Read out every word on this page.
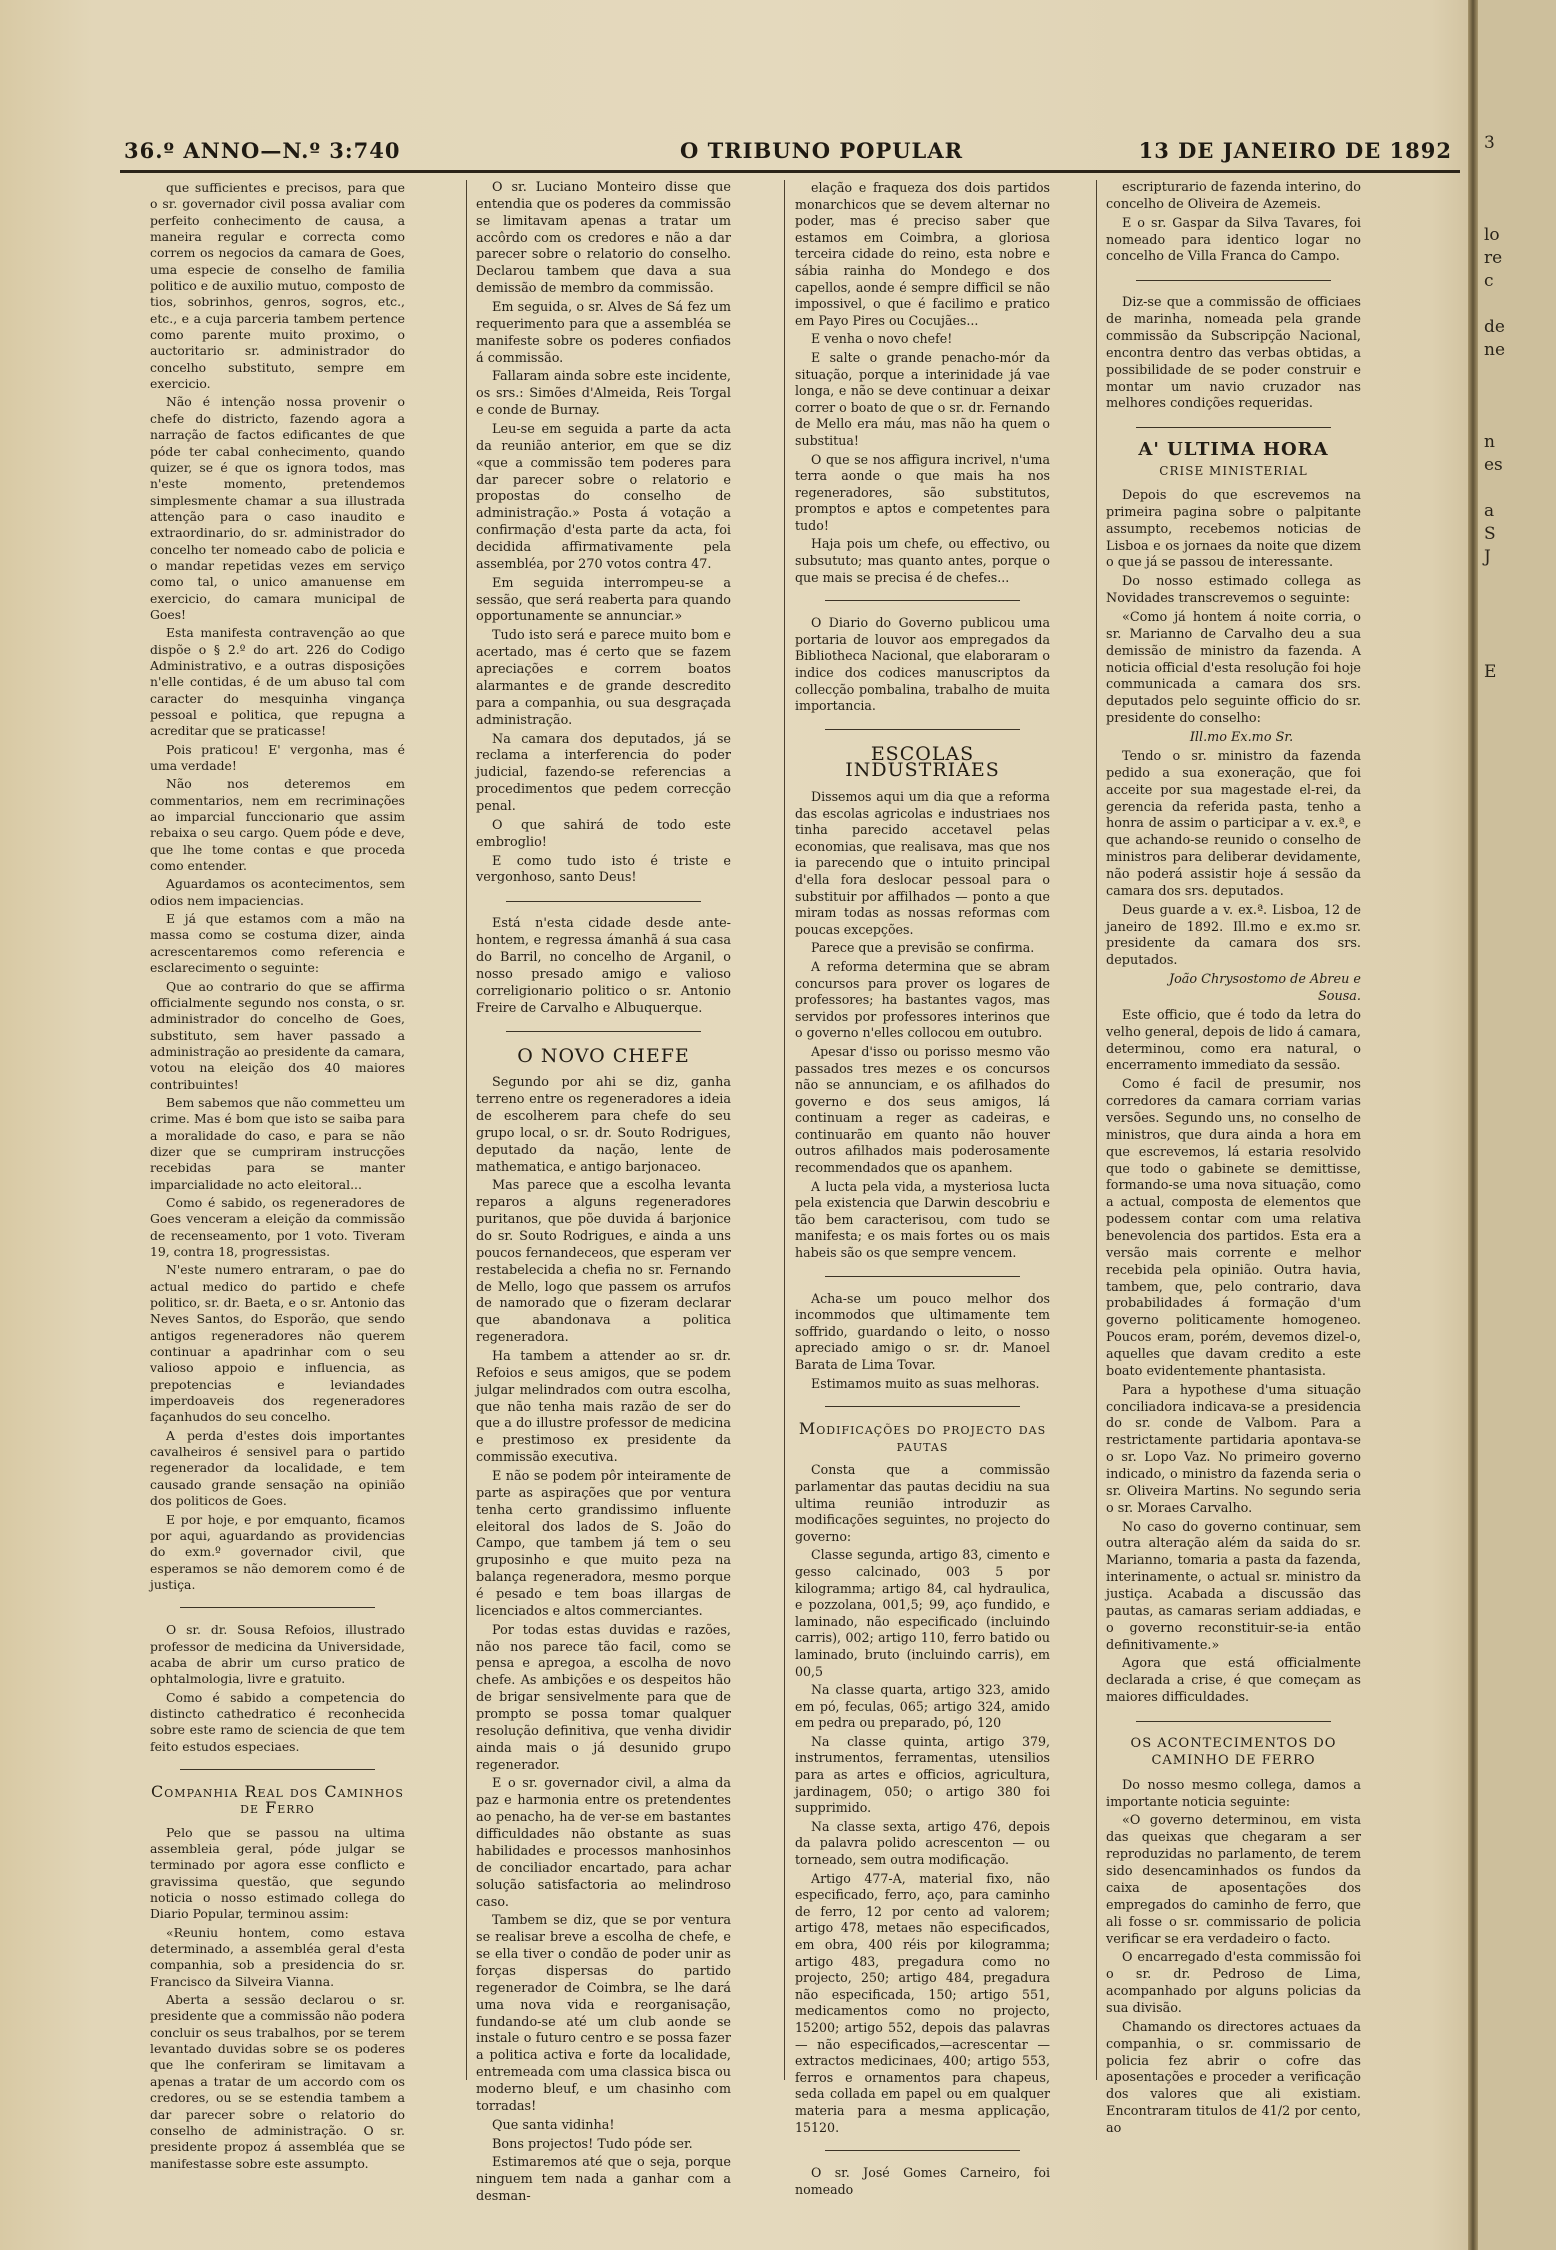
3

lo
re
c

de
ne

n
es

a
S
J

E
36.º ANNO—N.º 3:740	O TRIBUNO POPULAR	13 DE JANEIRO DE 1892

que sufficientes e precisos, para que o sr. governador civil possa avaliar com perfeito conhecimento de causa, a maneira regular e correcta como correm os negocios da camara de Goes, uma especie de conselho de familia politico e de auxilio mutuo, composto de tios, sobrinhos, genros, sogros, etc., etc., e a cuja parceria tambem pertence como parente muito proximo, o auctoritario sr. administrador do concelho substituto, sempre em exercicio.

Não é intenção nossa provenir o chefe do districto, fazendo agora a narração de factos edificantes de que póde ter cabal conhecimento, quando quizer, se é que os ignora todos, mas n'este momento, pretendemos simplesmente chamar a sua illustrada attenção para o caso inaudito e extraordinario, do sr. administrador do concelho ter nomeado cabo de policia e o mandar repetidas vezes em serviço como tal, o unico amanuense em exercicio, do camara municipal de Goes!

Esta manifesta contravenção ao que dispõe o § 2.º do art. 226 do Codigo Administrativo, e a outras disposições n'elle contidas, é de um abuso tal com caracter do mesquinha vingança pessoal e politica, que repugna a acreditar que se praticasse!

Pois praticou! E' vergonha, mas é uma verdade!

Não nos deteremos em commentarios, nem em recriminações ao imparcial funccionario que assim rebaixa o seu cargo. Quem póde e deve, que lhe tome contas e que proceda como entender.

Aguardamos os acontecimentos, sem odios nem impaciencias.

E já que estamos com a mão na massa como se costuma dizer, ainda acrescentaremos como referencia e esclarecimento o seguinte:

Que ao contrario do que se affirma officialmente segundo nos consta, o sr. administrador do concelho de Goes, substituto, sem haver passado a administração ao presidente da camara, votou na eleição dos 40 maiores contribuintes!

Bem sabemos que não commetteu um crime. Mas é bom que isto se saiba para a moralidade do caso, e para se não dizer que se cumpriram instrucções recebidas para se manter imparcialidade no acto eleitoral...

Como é sabido, os regeneradores de Goes venceram a eleição da commissão de recenseamento, por 1 voto. Tiveram 19, contra 18, progressistas.

N'este numero entraram, o pae do actual medico do partido e chefe politico, sr. dr. Baeta, e o sr. Antonio das Neves Santos, do Esporão, que sendo antigos regeneradores não querem continuar a apadrinhar com o seu valioso appoio e influencia, as prepotencias e leviandades imperdoaveis dos regeneradores façanhudos do seu concelho.

A perda d'estes dois importantes cavalheiros é sensivel para o partido regenerador da localidade, e tem causado grande sensação na opinião dos politicos de Goes.

E por hoje, e por emquanto, ficamos por aqui, aguardando as providencias do exm.º governador civil, que esperamos se não demorem como é de justiça.

O sr. dr. Sousa Refoios, illustrado professor de medicina da Universidade, acaba de abrir um curso pratico de ophtalmologia, livre e gratuito.

Como é sabido a competencia do distincto cathedratico é reconhecida sobre este ramo de sciencia de que tem feito estudos especiaes.

Companhia Real dos Caminhos de Ferro

Pelo que se passou na ultima assembleia geral, póde julgar se terminado por agora esse conflicto e gravissima questão, que segundo noticia o nosso estimado collega do Diario Popular, terminou assim:

«Reuniu hontem, como estava determinado, a assembléa geral d'esta companhia, sob a presidencia do sr. Francisco da Silveira Vianna.

Aberta a sessão declarou o sr. presidente que a commissão não podera concluir os seus trabalhos, por se terem levantado duvidas sobre se os poderes que lhe conferiram se limitavam a apenas a tratar de um accordo com os credores, ou se se estendia tambem a dar parecer sobre o relatorio do conselho de administração. O sr. presidente propoz á assembléa que se manifestasse sobre este assumpto.

O sr. Luciano Monteiro disse que entendia que os poderes da commissão se limitavam apenas a tratar um accôrdo com os credores e não a dar parecer sobre o relatorio do conselho. Declarou tambem que dava a sua demissão de membro da commissão.

Em seguida, o sr. Alves de Sá fez um requerimento para que a assembléa se manifeste sobre os poderes confiados á commissão.

Fallaram ainda sobre este incidente, os srs.: Simões d'Almeida, Reis Torgal e conde de Burnay.

Leu-se em seguida a parte da acta da reunião anterior, em que se diz «que a commissão tem poderes para dar parecer sobre o relatorio e propostas do conselho de administração.» Posta á votação a confirmação d'esta parte da acta, foi decidida affirmativamente pela assembléa, por 270 votos contra 47.

Em seguida interrompeu-se a sessão, que será reaberta para quando opportunamente se annunciar.»

Tudo isto será e parece muito bom e acertado, mas é certo que se fazem apreciações e correm boatos alarmantes e de grande descredito para a companhia, ou sua desgraçada administração.

Na camara dos deputados, já se reclama a interferencia do poder judicial, fazendo-se referencias a procedimentos que pedem correcção penal.

O que sahirá de todo este embroglio!

E como tudo isto é triste e vergonhoso, santo Deus!

Está n'esta cidade desde ante-hontem, e regressa ámanhã á sua casa do Barril, no concelho de Arganil, o nosso presado amigo e valioso correligionario politico o sr. Antonio Freire de Carvalho e Albuquerque.

O NOVO CHEFE

Segundo por ahi se diz, ganha terreno entre os regeneradores a ideia de escolherem para chefe do seu grupo local, o sr. dr. Souto Rodrigues, deputado da nação, lente de mathematica, e antigo barjonaceo.

Mas parece que a escolha levanta reparos a alguns regeneradores puritanos, que põe duvida á barjonice do sr. Souto Rodrigues, e ainda a uns poucos fernandeceos, que esperam ver restabelecida a chefia no sr. Fernando de Mello, logo que passem os arrufos de namorado que o fizeram declarar que abandonava a politica regeneradora.

Ha tambem a attender ao sr. dr. Refoios e seus amigos, que se podem julgar melindrados com outra escolha, que não tenha mais razão de ser do que a do illustre professor de medicina e prestimoso ex presidente da commissão executiva.

E não se podem pôr inteiramente de parte as aspirações que por ventura tenha certo grandissimo influente eleitoral dos lados de S. João do Campo, que tambem já tem o seu gruposinho e que muito peza na balança regeneradora, mesmo porque é pesado e tem boas illargas de licenciados e altos commerciantes.

Por todas estas duvidas e razões, não nos parece tão facil, como se pensa e apregoa, a escolha de novo chefe. As ambições e os despeitos hão de brigar sensivelmente para que de prompto se possa tomar qualquer resolução definitiva, que venha dividir ainda mais o já desunido grupo regenerador.

E o sr. governador civil, a alma da paz e harmonia entre os pretendentes ao penacho, ha de ver-se em bastantes difficuldades não obstante as suas habilidades e processos manhosinhos de conciliador encartado, para achar solução satisfactoria ao melindroso caso.

Tambem se diz, que se por ventura se realisar breve a escolha de chefe, e se ella tiver o condão de poder unir as forças dispersas do partido regenerador de Coimbra, se lhe dará uma nova vida e reorganisação, fundando-se até um club aonde se instale o futuro centro e se possa fazer a politica activa e forte da localidade, entremeada com uma classica bisca ou moderno bleuf, e um chasinho com torradas!

Que santa vidinha!

Bons projectos! Tudo póde ser.

Estimaremos até que o seja, porque ninguem tem nada a ganhar com a desman-

elação e fraqueza dos dois partidos monarchicos que se devem alternar no poder, mas é preciso saber que estamos em Coimbra, a gloriosa terceira cidade do reino, esta nobre e sábia rainha do Mondego e dos capellos, aonde é sempre difficil se não impossivel, o que é facilimo e pratico em Payo Pires ou Cocujães...

E venha o novo chefe!

E salte o grande penacho-mór da situação, porque a interinidade já vae longa, e não se deve continuar a deixar correr o boato de que o sr. dr. Fernando de Mello era máu, mas não ha quem o substitua!

O que se nos affigura incrivel, n'uma terra aonde o que mais ha nos regeneradores, são substitutos, promptos e aptos e competentes para tudo!

Haja pois um chefe, ou effectivo, ou subsututo; mas quanto antes, porque o que mais se precisa é de chefes...

O Diario do Governo publicou uma portaria de louvor aos empregados da Bibliotheca Nacional, que elaboraram o indice dos codices manuscriptos da collecção pombalina, trabalho de muita importancia.

ESCOLAS INDUSTRIAES

Dissemos aqui um dia que a reforma das escolas agricolas e industriaes nos tinha parecido accetavel pelas economias, que realisava, mas que nos ia parecendo que o intuito principal d'ella fora deslocar pessoal para o substituir por affilhados — ponto a que miram todas as nossas reformas com poucas excepções.

Parece que a previsão se confirma.

A reforma determina que se abram concursos para prover os logares de professores; ha bastantes vagos, mas servidos por professores interinos que o governo n'elles collocou em outubro.

Apesar d'isso ou porisso mesmo vão passados tres mezes e os concursos não se annunciam, e os afilhados do governo e dos seus amigos, lá continuam a reger as cadeiras, e continuarão em quanto não houver outros afilhados mais poderosamente recommendados que os apanhem.

A lucta pela vida, a mysteriosa lucta pela existencia que Darwin descobriu e tão bem caracterisou, com tudo se manifesta; e os mais fortes ou os mais habeis são os que sempre vencem.

Acha-se um pouco melhor dos incommodos que ultimamente tem soffrido, guardando o leito, o nosso apreciado amigo o sr. dr. Manoel Barata de Lima Tovar.

Estimamos muito as suas melhoras.

Modificações do projecto das pautas

Consta que a commissão parlamentar das pautas decidiu na sua ultima reunião introduzir as modificações seguintes, no projecto do governo:

Classe segunda, artigo 83, cimento e gesso calcinado, 003 5 por kilogramma; artigo 84, cal hydraulica, e pozzolana, 001,5; 99, aço fundido, e laminado, não especificado (incluindo carris), 002; artigo 110, ferro batido ou laminado, bruto (incluindo carris), em 00,5

Na classe quarta, artigo 323, amido em pó, feculas, 065; artigo 324, amido em pedra ou preparado, pó, 120

Na classe quinta, artigo 379, instrumentos, ferramentas, utensilios para as artes e officios, agricultura, jardinagem, 050; o artigo 380 foi supprimido.

Na classe sexta, artigo 476, depois da palavra polido acrescenton — ou torneado, sem outra modificação.

Artigo 477-A, material fixo, não especificado, ferro, aço, para caminho de ferro, 12 por cento ad valorem; artigo 478, metaes não especificados, em obra, 400 réis por kilogramma; artigo 483, pregadura como no projecto, 250; artigo 484, pregadura não especificada, 150; artigo 551, medicamentos como no projecto, 15200; artigo 552, depois das palavras — não especificados,—acrescentar — extractos medicinaes, 400; artigo 553, ferros e ornamentos para chapeus, seda collada em papel ou em qualquer materia para a mesma applicação, 15120.

O sr. José Gomes Carneiro, foi nomeado

escripturario de fazenda interino, do concelho de Oliveira de Azemeis.

E o sr. Gaspar da Silva Tavares, foi nomeado para identico logar no concelho de Villa Franca do Campo.

Diz-se que a commissão de officiaes de marinha, nomeada pela grande commissão da Subscripção Nacional, encontra dentro das verbas obtidas, a possibilidade de se poder construir e montar um navio cruzador nas melhores condições requeridas.

A' ULTIMA HORA

CRISE MINISTERIAL

Depois do que escrevemos na primeira pagina sobre o palpitante assumpto, recebemos noticias de Lisboa e os jornaes da noite que dizem o que já se passou de interessante.

Do nosso estimado collega as Novidades transcrevemos o seguinte:

«Como já hontem á noite corria, o sr. Marianno de Carvalho deu a sua demissão de ministro da fazenda. A noticia official d'esta resolução foi hoje communicada a camara dos srs. deputados pelo seguinte officio do sr. presidente do conselho:

Ill.mo Ex.mo Sr.

Tendo o sr. ministro da fazenda pedido a sua exoneração, que foi acceite por sua magestade el-rei, da gerencia da referida pasta, tenho a honra de assim o participar a v. ex.ª, e que achando-se reunido o conselho de ministros para deliberar devidamente, não poderá assistir hoje á sessão da camara dos srs. deputados.

Deus guarde a v. ex.ª. Lisboa, 12 de janeiro de 1892. Ill.mo e ex.mo sr. presidente da camara dos srs. deputados.

João Chrysostomo de Abreu e Sousa.

Este officio, que é todo da letra do velho general, depois de lido á camara, determinou, como era natural, o encerramento immediato da sessão.

Como é facil de presumir, nos corredores da camara corriam varias versões. Segundo uns, no conselho de ministros, que dura ainda a hora em que escrevemos, lá estaria resolvido que todo o gabinete se demittisse, formando-se uma nova situação, como a actual, composta de elementos que podessem contar com uma relativa benevolencia dos partidos. Esta era a versão mais corrente e melhor recebida pela opinião. Outra havia, tambem, que, pelo contrario, dava probabilidades á formação d'um governo politicamente homogeneo. Poucos eram, porém, devemos dizel-o, aquelles que davam credito a este boato evidentemente phantasista.

Para a hypothese d'uma situação conciliadora indicava-se a presidencia do sr. conde de Valbom. Para a restrictamente partidaria apontava-se o sr. Lopo Vaz. No primeiro governo indicado, o ministro da fazenda seria o sr. Oliveira Martins. No segundo seria o sr. Moraes Carvalho.

No caso do governo continuar, sem outra alteração além da saida do sr. Marianno, tomaria a pasta da fazenda, interinamente, o actual sr. ministro da justiça. Acabada a discussão das pautas, as camaras seriam addiadas, e o governo reconstituir-se-ia então definitivamente.»

Agora que está officialmente declarada a crise, é que começam as maiores difficuldades.

OS ACONTECIMENTOS DO CAMINHO DE FERRO

Do nosso mesmo collega, damos a importante noticia seguinte:

«O governo determinou, em vista das queixas que chegaram a ser reproduzidas no parlamento, de terem sido desencaminhados os fundos da caixa de aposentações dos empregados do caminho de ferro, que ali fosse o sr. commissario de policia verificar se era verdadeiro o facto.

O encarregado d'esta commissão foi o sr. dr. Pedroso de Lima, acompanhado por alguns policias da sua divisão.

Chamando os directores actuaes da companhia, o sr. commissario de policia fez abrir o cofre das aposentações e proceder a verificação dos valores que ali existiam. Encontraram titulos de 41/2 por cento, ao
